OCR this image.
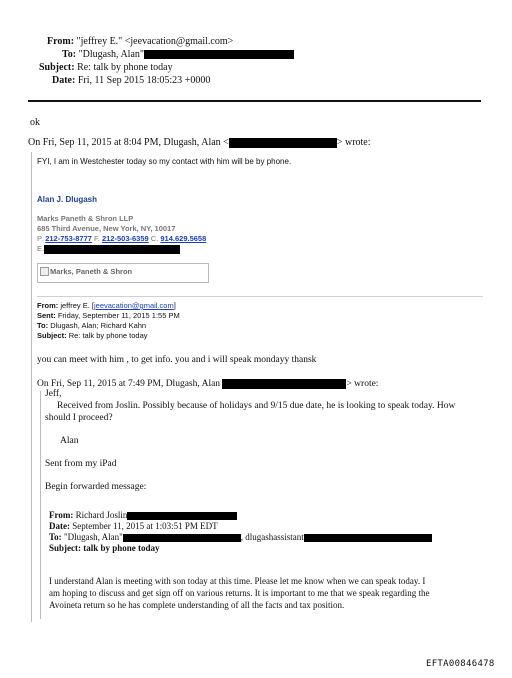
From: "jeffrey E." <jeevacation@gmail.com>
To: "Dlugash, Alan"
Subject: Re: talk by phone today
Date: Fri, 11 Sep 2015 18:05:23 +0000
ok
On Fri, Sep 11, 2015 at 8:04 PM, Dlugash, Alan <	> wrote:
FYI, I am in Westchester today so my contact with him will be by phone.
Alan J. Dlugash
Marks Paneth & Shron LLP
685 Third Avenue, New York, NY, 10017
P. 212-753-8777 F. 212-503-6359 C. 914.629.5658
E.
Marks, Paneth & Shron
From: jeffrey E. [jeevacation@gmail.com]
Sent: Friday, September 11, 2015 1:55 PM
To: Dlugash, Alan; Richard Kahn
Subject: Re: talk by phone today
you can meet with him , to get info. you and i will speak mondayy thansk
On Fri, Sep 11, 2015 at 7:49 PM, Dlugash, Alan	> wrote:
Jeff,
Received from Joslin. Possibly because of holidays and 9/15 due date, he is looking to speak today. How
should I proceed?
Alan
Sent from my iPad
Begin forwarded message:
From: Richard Joslin
Date: September 11, 2015 at 1:03:51 PM EDT
To: "Dlugash, Alan"	, dlugashassistant
Subject: talk by phone today
I understand Alan is meeting with son today at this time. Please let me know when we can speak today. I
am hoping to discuss and get sign off on various returns. It is important to me that we speak regarding the
Avoineta return so he has complete understanding of all the facts and tax position.
EFTA00846478
